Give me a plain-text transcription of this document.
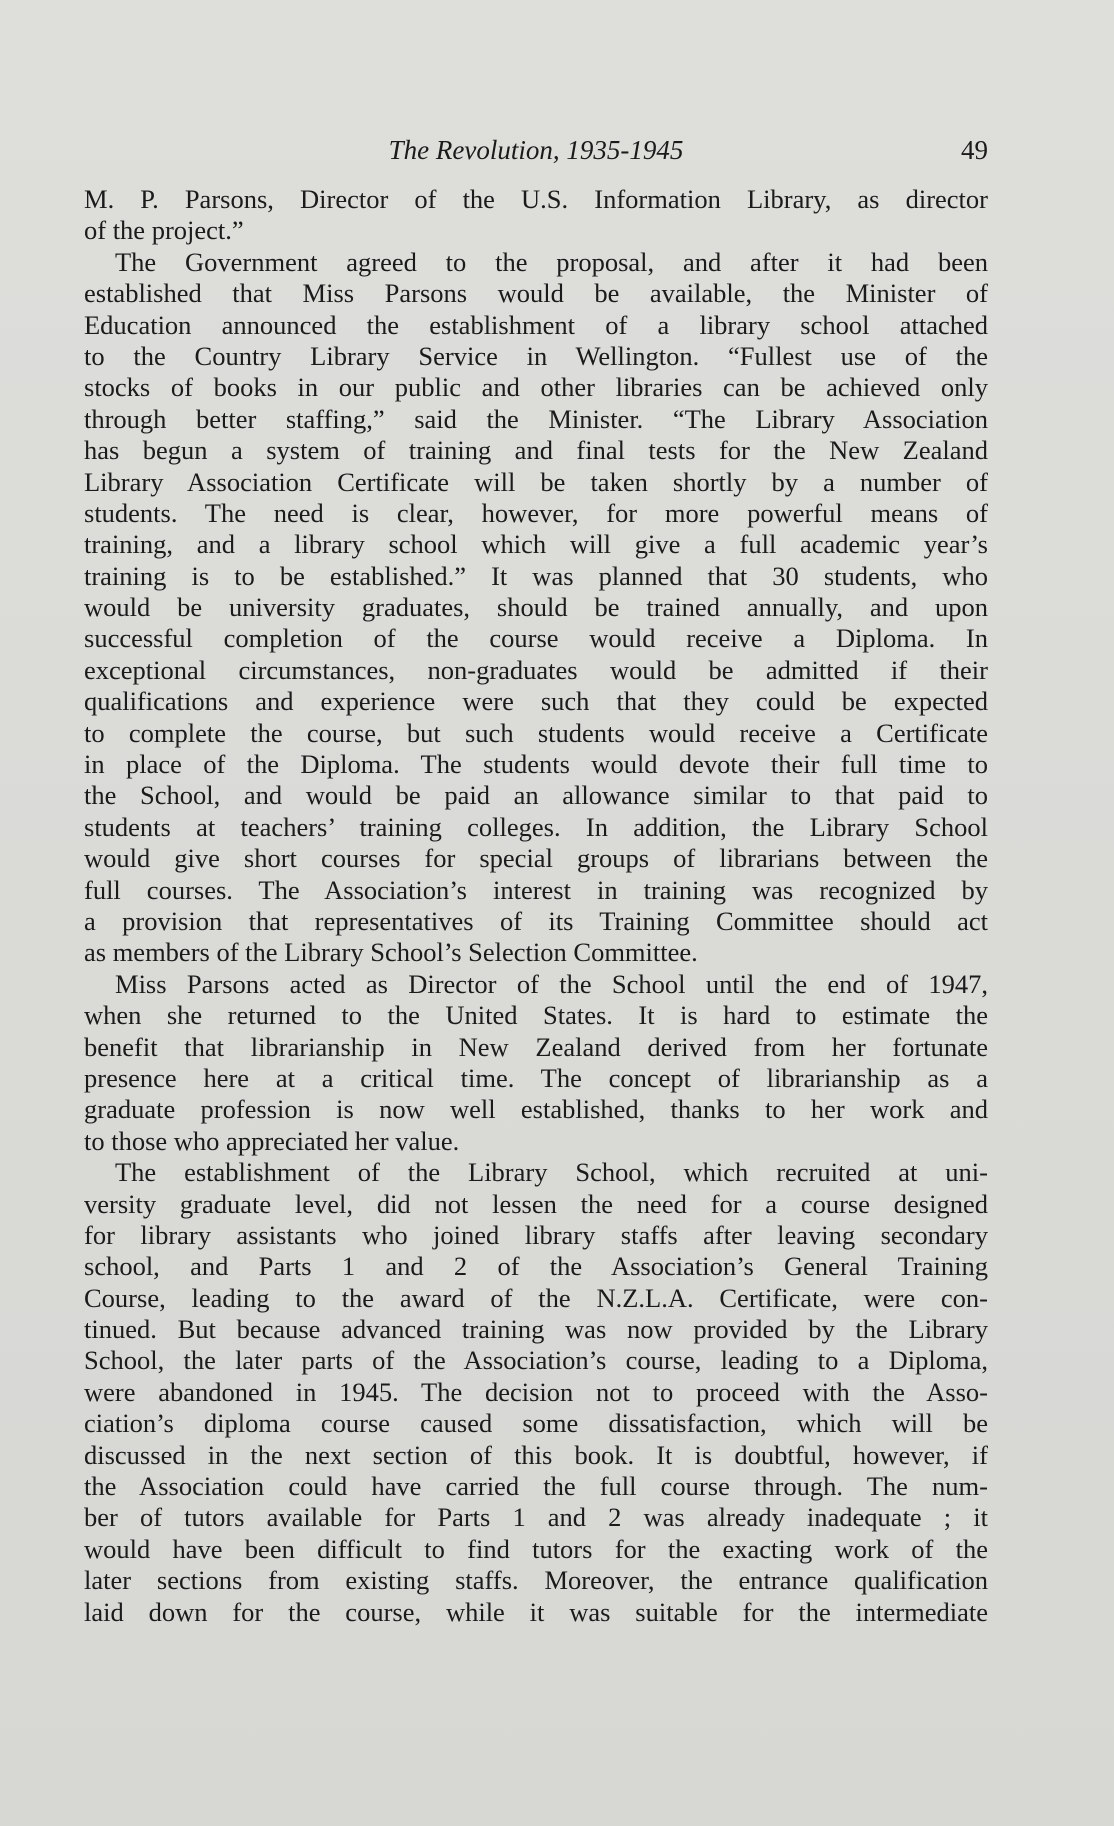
The Revolution, 1935-1945	49
M. P. Parsons, Director of the U.S. Information Library, as director
of the project.”
The Government agreed to the proposal, and after it had been
established that Miss Parsons would be available, the Minister of
Education announced the establishment of a library school attached
to the Country Library Service in Wellington. “Fullest use of the
stocks of books in our public and other libraries can be achieved only
through better staffing,” said the Minister. “The Library Association
has begun a system of training and final tests for the New Zealand
Library Association Certificate will be taken shortly by a number of
students. The need is clear, however, for more powerful means of
training, and a library school which will give a full academic year’s
training is to be established.” It was planned that 30 students, who
would be university graduates, should be trained annually, and upon
successful completion of the course would receive a Diploma. In
exceptional circumstances, non-graduates would be admitted if their
qualifications and experience were such that they could be expected
to complete the course, but such students would receive a Certificate
in place of the Diploma. The students would devote their full time to
the School, and would be paid an allowance similar to that paid to
students at teachers’ training colleges. In addition, the Library School
would give short courses for special groups of librarians between the
full courses. The Association’s interest in training was recognized by
a provision that representatives of its Training Committee should act
as members of the Library School’s Selection Committee.
Miss Parsons acted as Director of the School until the end of 1947,
when she returned to the United States. It is hard to estimate the
benefit that librarianship in New Zealand derived from her fortunate
presence here at a critical time. The concept of librarianship as a
graduate profession is now well established, thanks to her work and
to those who appreciated her value.
The establishment of the Library School, which recruited at uni-
versity graduate level, did not lessen the need for a course designed
for library assistants who joined library staffs after leaving secondary
school, and Parts 1 and 2 of the Association’s General Training
Course, leading to the award of the N.Z.L.A. Certificate, were con-
tinued. But because advanced training was now provided by the Library
School, the later parts of the Association’s course, leading to a Diploma,
were abandoned in 1945. The decision not to proceed with the Asso-
ciation’s diploma course caused some dissatisfaction, which will be
discussed in the next section of this book. It is doubtful, however, if
the Association could have carried the full course through. The num-
ber of tutors available for Parts 1 and 2 was already inadequate ; it
would have been difficult to find tutors for the exacting work of the
later sections from existing staffs. Moreover, the entrance qualification
laid down for the course, while it was suitable for the intermediate
